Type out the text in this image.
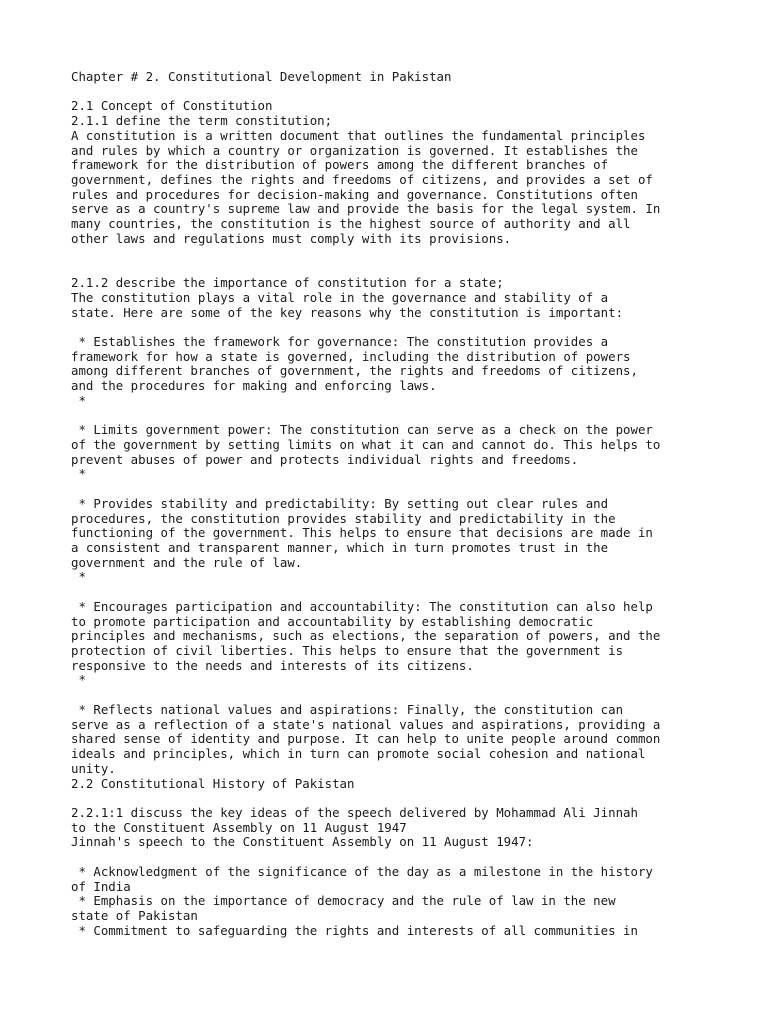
Chapter # 2. Constitutional Development in Pakistan
2.1 Concept of Constitution
2.1.1 define the term constitution;
A constitution is a written document that outlines the fundamental principles
and rules by which a country or organization is governed. It establishes the
framework for the distribution of powers among the different branches of
government, defines the rights and freedoms of citizens, and provides a set of
rules and procedures for decision-making and governance. Constitutions often
serve as a country's supreme law and provide the basis for the legal system. In
many countries, the constitution is the highest source of authority and all
other laws and regulations must comply with its provisions.
2.1.2 describe the importance of constitution for a state;
The constitution plays a vital role in the governance and stability of a
state. Here are some of the key reasons why the constitution is important:
* Establishes the framework for governance: The constitution provides a
framework for how a state is governed, including the distribution of powers
among different branches of government, the rights and freedoms of citizens,
and the procedures for making and enforcing laws.
*
* Limits government power: The constitution can serve as a check on the power
of the government by setting limits on what it can and cannot do. This helps to
prevent abuses of power and protects individual rights and freedoms.
*
* Provides stability and predictability: By setting out clear rules and
procedures, the constitution provides stability and predictability in the
functioning of the government. This helps to ensure that decisions are made in
a consistent and transparent manner, which in turn promotes trust in the
government and the rule of law.
*
* Encourages participation and accountability: The constitution can also help
to promote participation and accountability by establishing democratic
principles and mechanisms, such as elections, the separation of powers, and the
protection of civil liberties. This helps to ensure that the government is
responsive to the needs and interests of its citizens.
*
* Reflects national values and aspirations: Finally, the constitution can
serve as a reflection of a state's national values and aspirations, providing a
shared sense of identity and purpose. It can help to unite people around common
ideals and principles, which in turn can promote social cohesion and national
unity.
2.2 Constitutional History of Pakistan
2.2.1:1 discuss the key ideas of the speech delivered by Mohammad Ali Jinnah
to the Constituent Assembly on 11 August 1947
Jinnah's speech to the Constituent Assembly on 11 August 1947:
* Acknowledgment of the significance of the day as a milestone in the history
of India
* Emphasis on the importance of democracy and the rule of law in the new
state of Pakistan
* Commitment to safeguarding the rights and interests of all communities in
